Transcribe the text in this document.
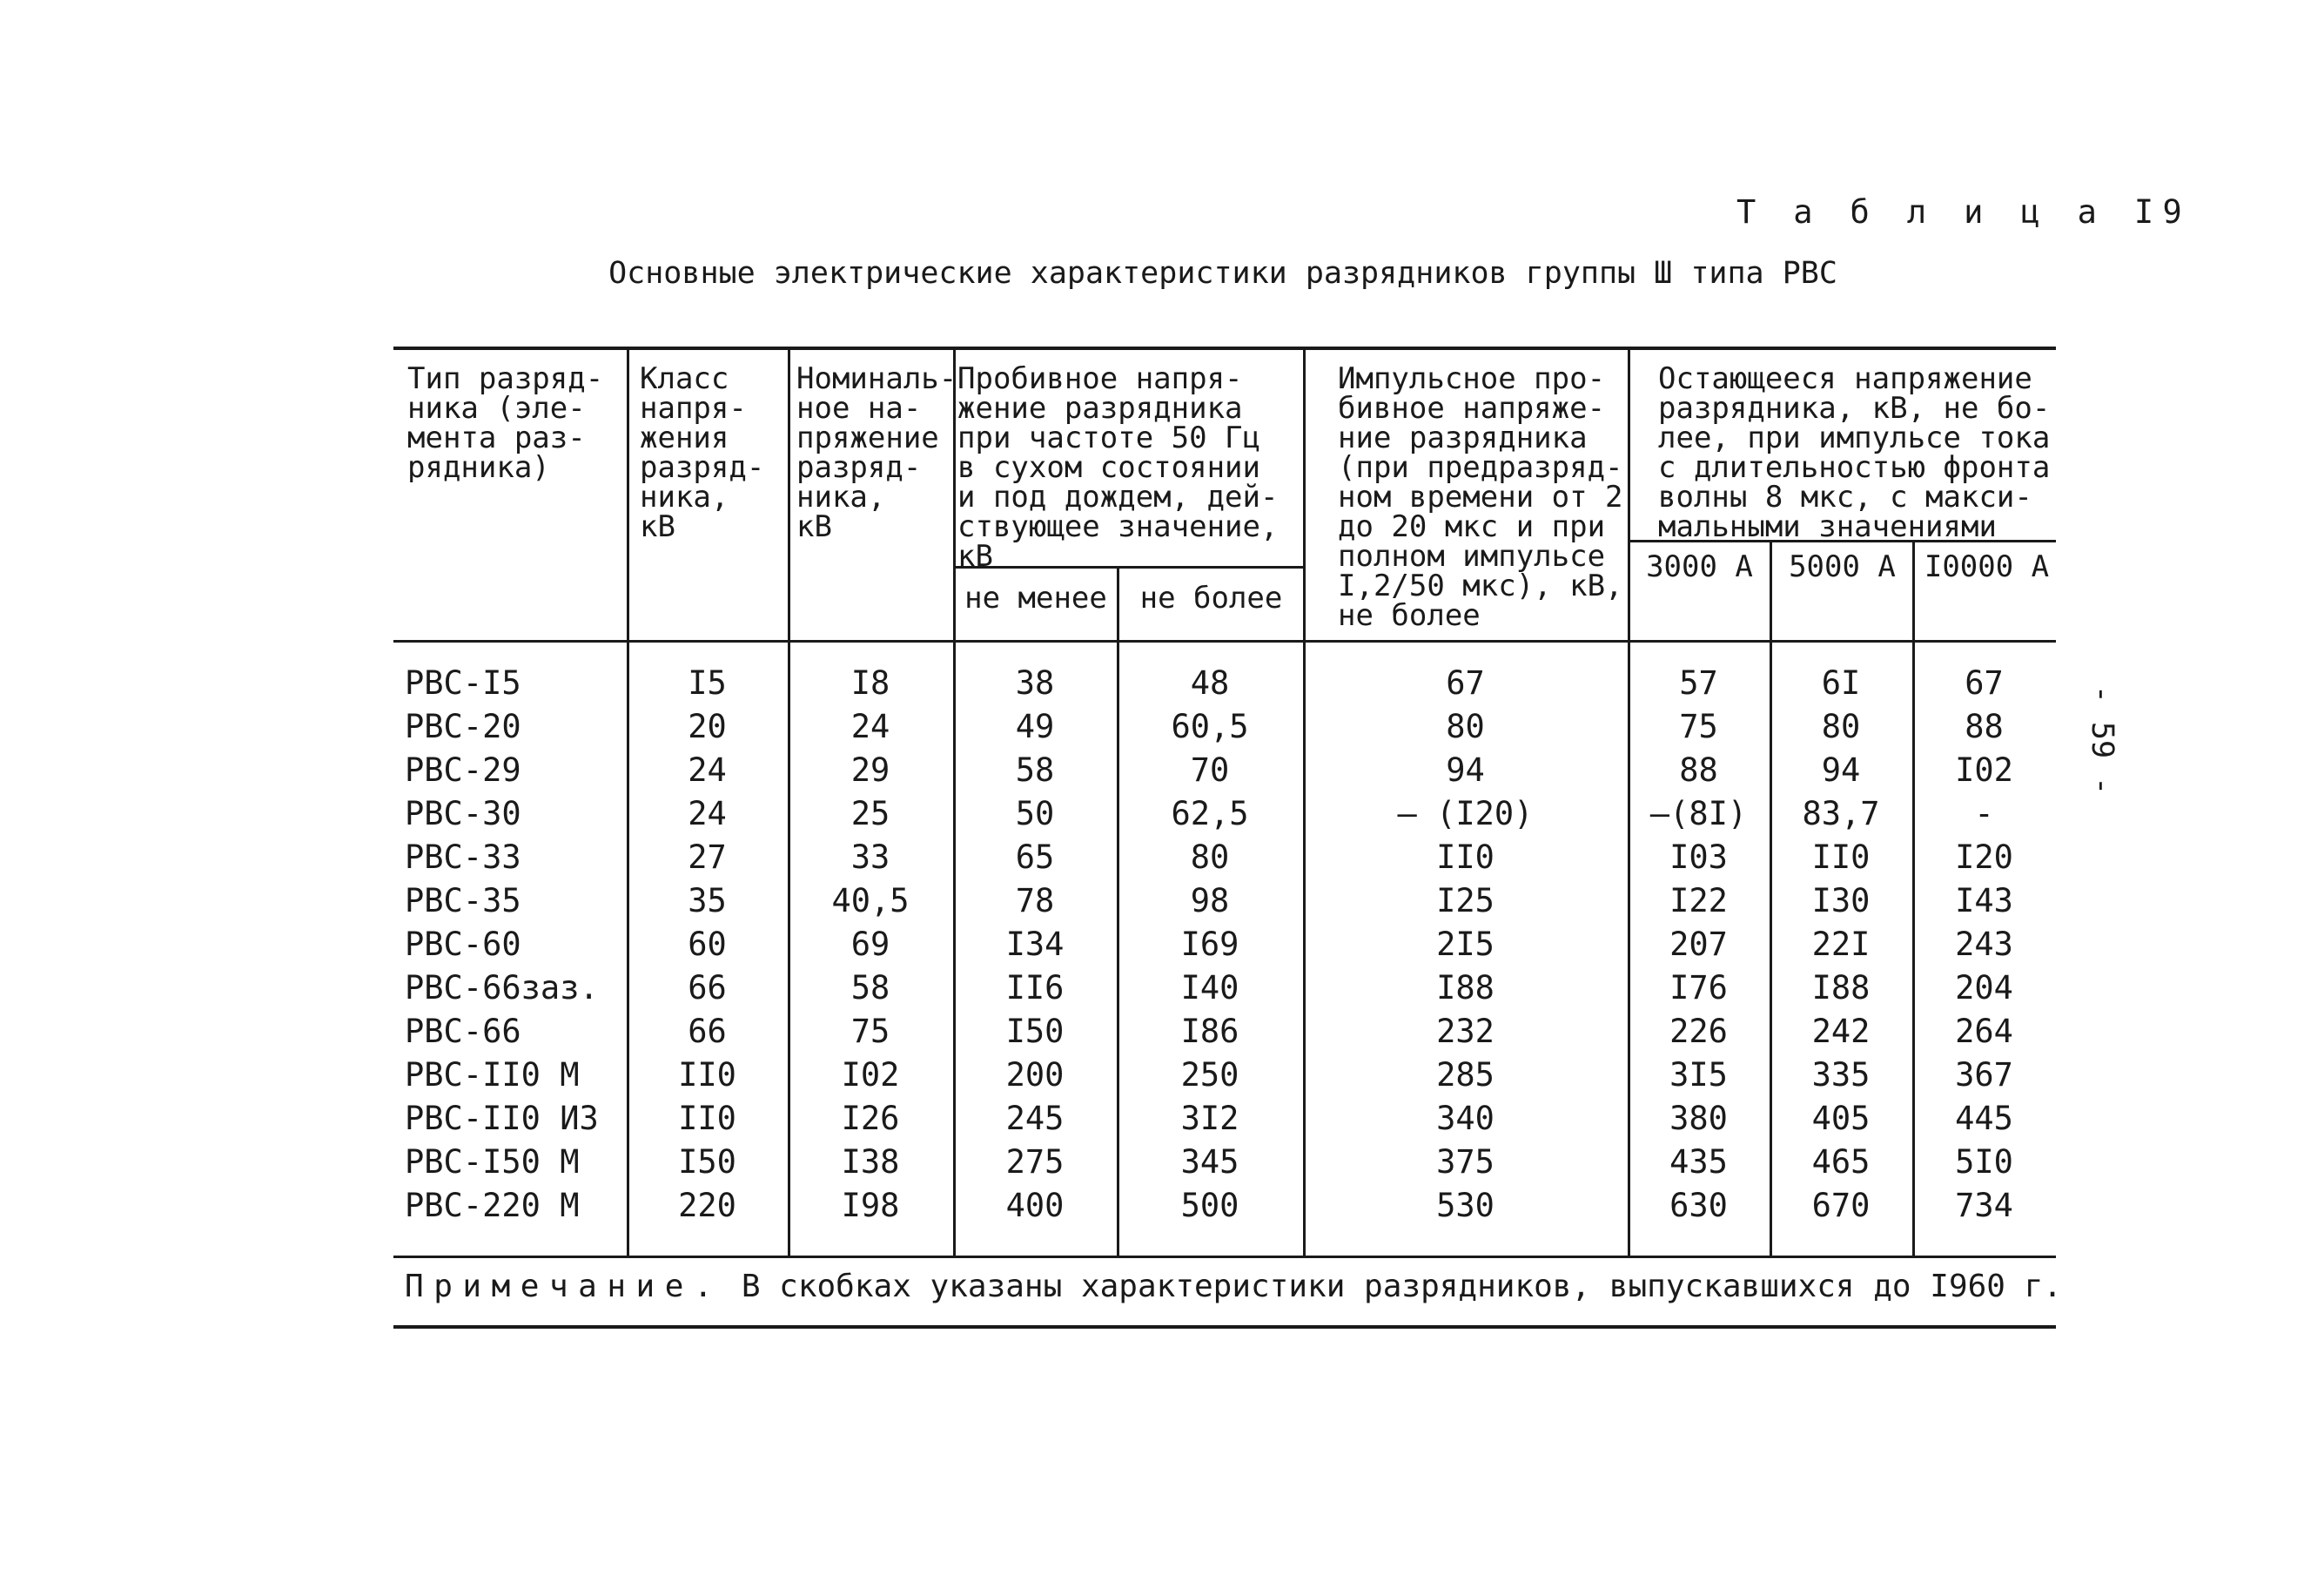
Т а б л и ц а I9
Основные электрические характеристики разрядников группы Ш типа РВС
- 59 -
Тип разряд-
ника (эле-
мента раз-
рядника)
Класс
напря-
жения
разряд-
ника,
кВ
Номиналь-
ное на-
пряжение
разряд-
ника,
кВ
Пробивное напря-
жение разрядника
при частоте 50 Гц
в сухом состоянии
и под дождем, дей-
ствующее значение,
кВ
не менее	не более
Импульсное про-
бивное напряже-
ние разрядника
(при предразряд-
ном времени от 2
до 20 мкс и при
полном импульсе
I,2/50 мкс), кВ,
не более
Остающееся напряжение
разрядника, кВ, не бо-
лее, при импульсе тока
с длительностью фронта
волны 8 мкс, с макси-
мальными значениями
3000 А	5000 А I0000 А
РВС-I5	I5	I8	38	48	67	57	6I	67
РВС-20	20	24	49	60,5	80	75	80	88
РВС-29	24	29	58	70	94	88	94	I02
РВС-30	24	25	50	62,5	— (I20)	—(8I)	83,7	-
РВС-33	27	33	65	80	II0	I03	II0	I20
РВС-35	35	40,5	78	98	I25	I22	I30	I43
РВС-60	60	69	I34	I69	2I5	207	22I	243
РВС-66заз.	66	58	II6	I40	I88	I76	I88	204
РВС-66	66	75	I50	I86	232	226	242	264
РВС-II0 М	II0	I02	200	250	285	3I5	335	367
РВС-II0 ИЗ	II0	I26	245	3I2	340	380	405	445
РВС-I50 М	I50	I38	275	345	375	435	465	5I0
РВС-220 М	220	I98	400	500	530	630	670	734
Примечание. В скобках указаны характеристики разрядников, выпускавшихся до I960 г.
